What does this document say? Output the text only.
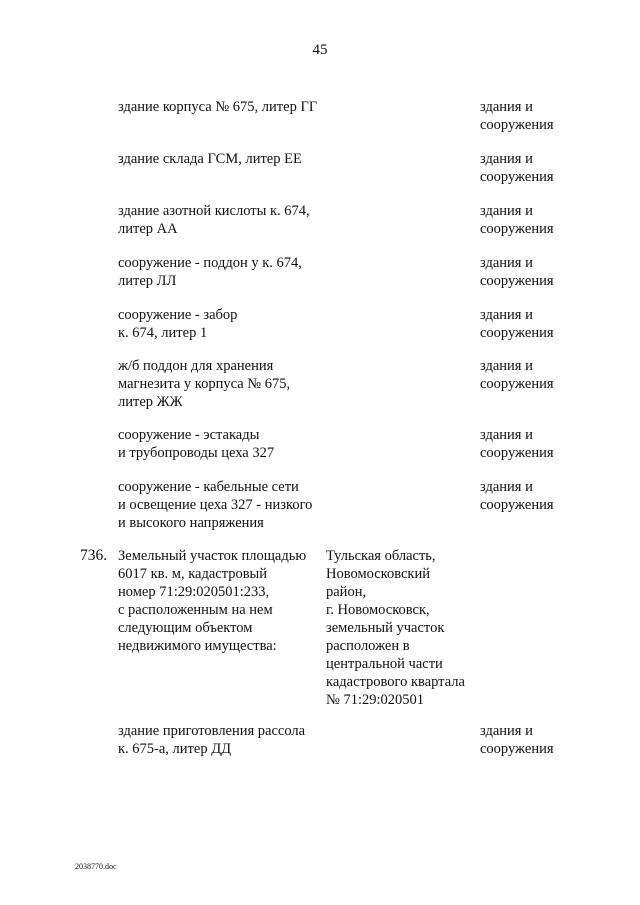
45
здание корпуса № 675, литер ГГ	здания и
сооружения
здание склада ГСМ, литер ЕЕ	здания и
сооружения
здание азотной кислоты к. 674,
литер АА
здания и
сооружения
сооружение - поддон у к. 674,
литер ЛЛ
здания и
сооружения
сооружение - забор
к. 674, литер 1
здания и
сооружения
ж/б поддон для хранения
магнезита у корпуса № 675,
литер ЖЖ
здания и
сооружения
сооружение - эстакады
и трубопроводы цеха 327
здания и
сооружения
сооружение - кабельные сети
и освещение цеха 327 - низкого
и высокого напряжения
здания и
сооружения
736. Земельный участок площадью
6017 кв. м, кадастровый
номер 71:29:020501:233,
с расположенным на нем
следующим объектом
недвижимого имущества:
Тульская область,
Новомосковский
район,
г. Новомосковск,
земельный участок
расположен в
центральной части
кадастрового квартала
№ 71:29:020501
здание приготовления рассола
к. 675-а, литер ДД
здания и
сооружения
2038770.doc
